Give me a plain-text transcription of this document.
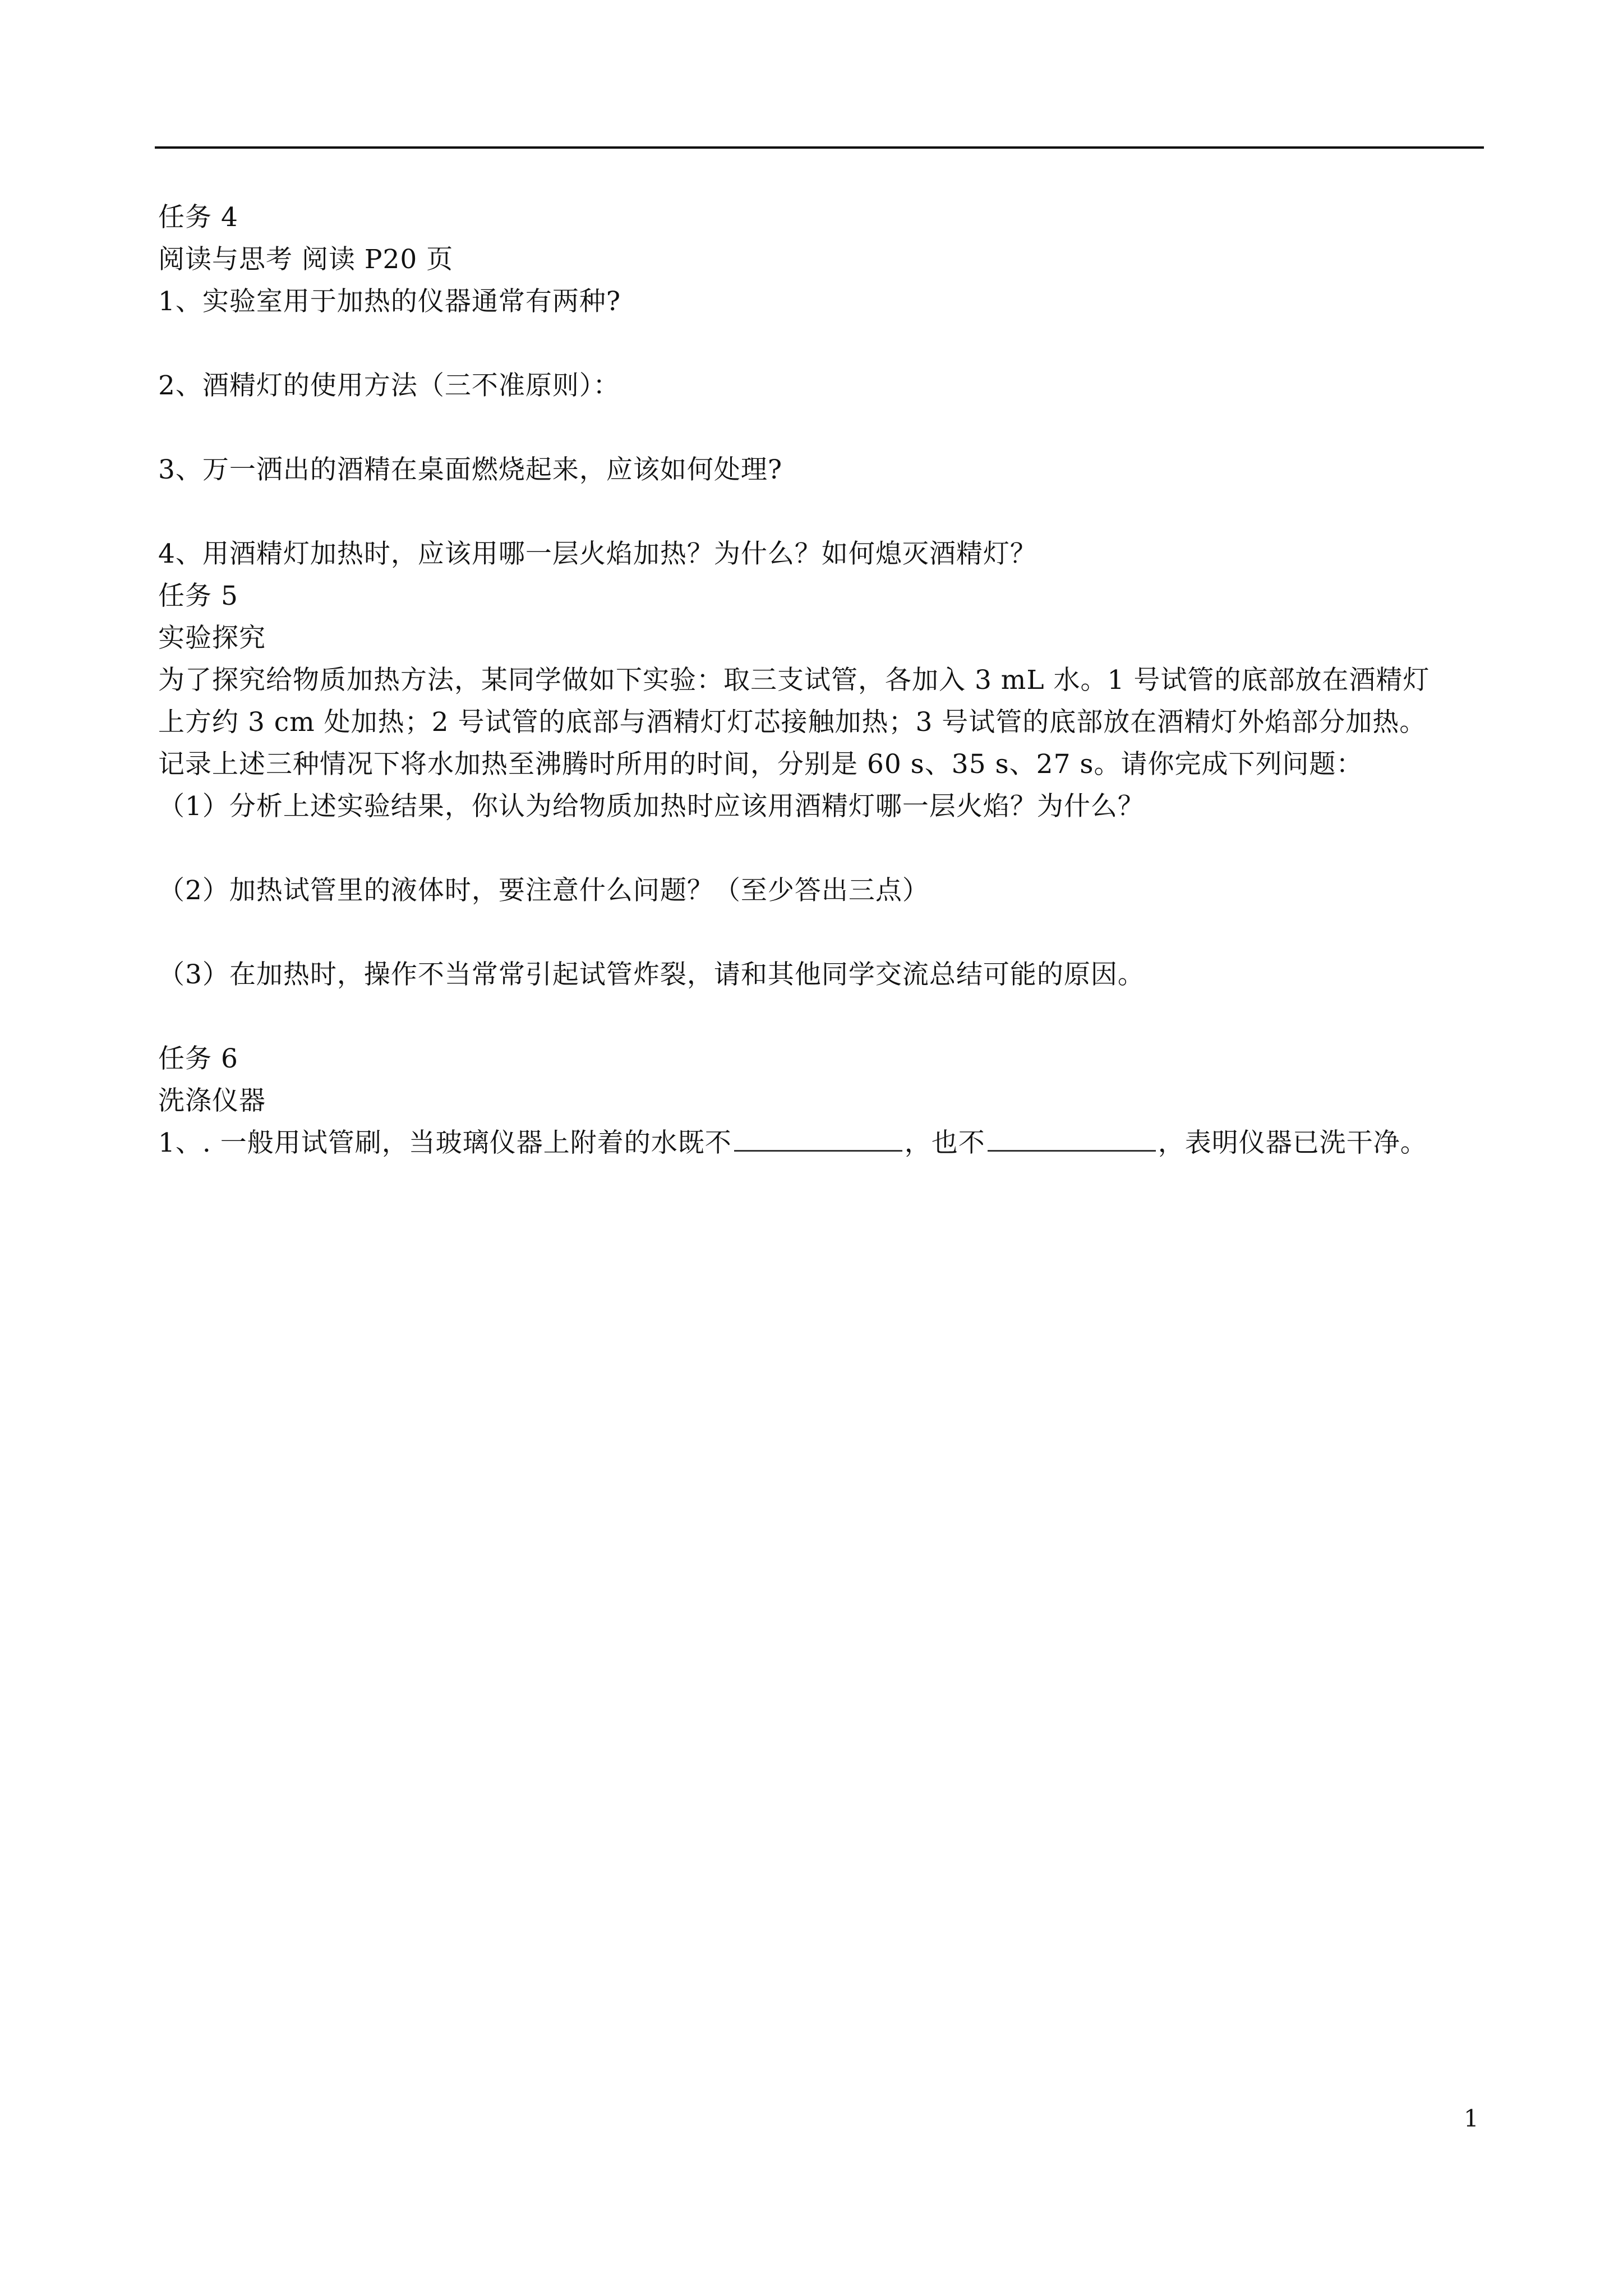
任务 4
阅读与思考 阅读 P20 页
1、实验室用于加热的仪器通常有两种?
2、酒精灯的使用方法（三不准原则）：
3、万一洒出的酒精在桌面燃烧起来，应该如何处理?
4、用酒精灯加热时，应该用哪一层火焰加热？为什么？如何熄灭酒精灯？
任务 5
实验探究
为了探究给物质加热方法，某同学做如下实验：取三支试管，各加入 3 mL 水。1 号试管的底部放在酒精灯
上方约 3 cm 处加热；2 号试管的底部与酒精灯灯芯接触加热；3 号试管的底部放在酒精灯外焰部分加热。
记录上述三种情况下将水加热至沸腾时所用的时间，分别是 60 s、35 s、27 s。请你完成下列问题：
（1）分析上述实验结果，你认为给物质加热时应该用酒精灯哪一层火焰？为什么？
（2）加热试管里的液体时，要注意什么问题？（至少答出三点）
（3）在加热时，操作不当常常引起试管炸裂，请和其他同学交流总结可能的原因。
任务 6
洗涤仪器
1、. 一般用试管刷，当玻璃仪器上附着的水既不	，也不	，表明仪器已洗干净。
1
